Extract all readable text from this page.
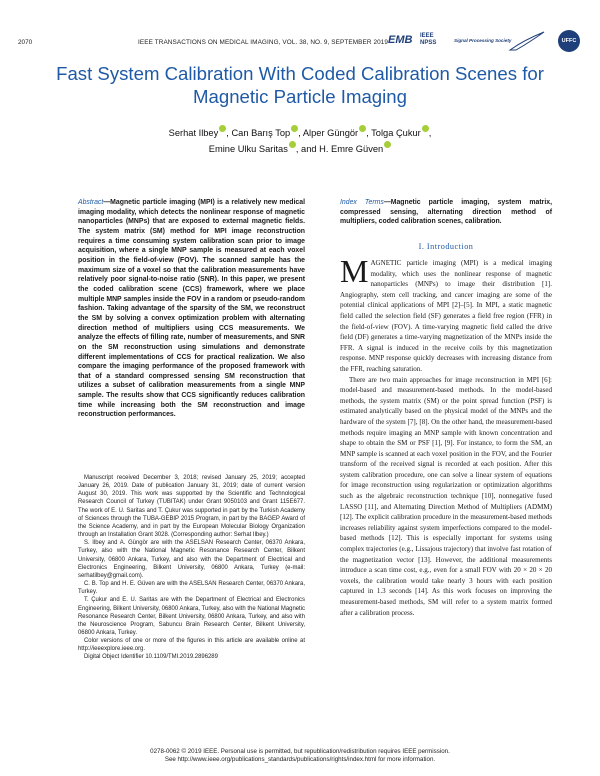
2070	IEEE TRANSACTIONS ON MEDICAL IMAGING, VOL. 38, NO. 9, SEPTEMBER 2019 EMB IEEE NPSS	Signal Processing Society	UFFC
Fast System Calibration With Coded Calibration Scenes for Magnetic Particle Imaging
Serhat Ilbey , Can Barış Top , Alper Güngör , Tolga Çukur ,
Emine Ulku Saritas , and H. Emre Güven
Abstract—Magnetic particle imaging (MPI) is a relatively new medical imaging modality, which detects the nonlinear response of magnetic nanoparticles (MNPs) that are exposed to external magnetic fields. The system matrix (SM) method for MPI image reconstruction requires a time consuming system calibration scan prior to image acquisition, where a single MNP sample is measured at each voxel position in the field-of-view (FOV). The scanned sample has the maximum size of a voxel so that the calibration measurements have relatively poor signal-to-noise ratio (SNR). In this paper, we present the coded calibration scene (CCS) framework, where we place multiple MNP samples inside the FOV in a random or pseudo-random fashion. Taking advantage of the sparsity of the SM, we reconstruct the SM by solving a convex optimization problem with alternating direction method of multipliers using CCS measurements. We analyze the effects of filling rate, number of measurements, and SNR on the SM reconstruction using simulations and demonstrate different implementations of CCS for practical realization. We also compare the imaging performance of the proposed framework with that of a standard compressed sensing SM reconstruction that utilizes a subset of calibration measurements from a single MNP sample. The results show that CCS significantly reduces calibration time while increasing both the SM reconstruction and image reconstruction performances.
Index Terms—Magnetic particle imaging, system matrix, compressed sensing, alternating direction method of multipliers, coded calibration scenes, calibration.
I. Introduction
M AGNETIC particle imaging (MPI) is a medical imaging modality, which uses the nonlinear response of magnetic nanoparticles (MNPs) to image their distribution [1]. Angiography, stem cell tracking, and cancer imaging are some of the potential clinical applications of MPI [2]–[5]. In MPI, a static magnetic field called the selection field (SF) generates a field free region (FFR) in the field-of-view (FOV). A time-varying magnetic field called the drive field (DF) generates a time-varying magnetization of the MNPs inside the FFR. A signal is induced in the receive coils by this magnetization response. MNP response quickly decreases with increasing distance from the FFR, reaching saturation.

There are two main approaches for image reconstruction in MPI [6]: model-based and measurement-based methods. In the model-based methods, the system matrix (SM) or the point spread function (PSF) is estimated analytically based on the physical model of the MNPs and the hardware of the system [7], [8]. On the other hand, the measurement-based methods require imaging an MNP sample with known concentration and shape to obtain the SM or PSF [1], [9]. For instance, to form the SM, an MNP sample is scanned at each voxel position in the FOV, and the Fourier transform of the received signal is recorded at each position. After this system calibration procedure, one can solve a linear system of equations for image reconstruction using regularization or optimization algorithms such as the algebraic reconstruction technique [10], nonnegative fused LASSO [11], and Alternating Direction Method of Multipliers (ADMM) [12]. The explicit calibration procedure in the measurement-based methods increases reliability against system imperfections compared to the model-based methods [12]. This is especially important for systems using complex trajectories (e.g., Lissajous trajectory) that involve fast rotation of the magnetization vector [13]. However, the additional measurements introduce a scan time cost, e.g., even for a small FOV with 20 × 20 × 20 voxels, the calibration would take nearly 3 hours with each position captured in 1.3 seconds [14]. As this work focuses on improving the measurement-based methods, SM will refer to a system matrix formed after a calibration process.

Manuscript received December 3, 2018; revised January 25, 2019; accepted January 26, 2019. Date of publication January 31, 2019; date of current version August 30, 2019. This work was supported by the Scientific and Technological Research Council of Turkey (TUBITAK) under Grant 9050103 and Grant 115E677. The work of E. U. Saritas and T. Çukur was supported in part by the Turkish Academy of Sciences through the TUBA-GEBIP 2015 Program, in part by the BAGEP Award of the Science Academy, and in part by the European Molecular Biology Organization through an Installation Grant 3028. (Corresponding author: Serhat Ilbey.)

S. Ilbey and A. Güngör are with the ASELSAN Research Center, 06370 Ankara, Turkey, also with the National Magnetic Resonance Research Center, Bilkent University, 06800 Ankara, Turkey, and also with the Department of Electrical and Electronics Engineering, Bilkent University, 06800 Ankara, Turkey (e-mail: serhatilbey@gmail.com).

C. B. Top and H. E. Güven are with the ASELSAN Research Center, 06370 Ankara, Turkey.

T. Çukur and E. U. Saritas are with the Department of Electrical and Electronics Engineering, Bilkent University, 06800 Ankara, Turkey, also with the National Magnetic Resonance Research Center, Bilkent University, 06800 Ankara, Turkey, and also with the Neuroscience Program, Sabuncu Brain Research Center, Bilkent University, 06800 Ankara, Turkey.

Color versions of one or more of the figures in this article are available online at http://ieeexplore.ieee.org.

Digital Object Identifier 10.1109/TMI.2019.2896289

0278-0062 © 2019 IEEE. Personal use is permitted, but republication/redistribution requires IEEE permission.
See http://www.ieee.org/publications_standards/publications/rights/index.html for more information.
